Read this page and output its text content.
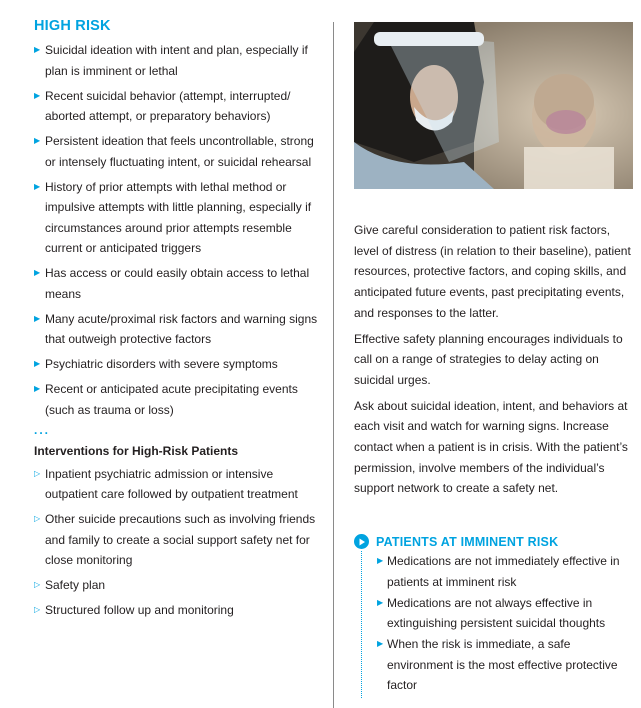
HIGH RISK
▶ Suicidal ideation with intent and plan, especially if plan is imminent or lethal
▶ Recent suicidal behavior (attempt, interrupted/ aborted attempt, or preparatory behaviors)
▶ Persistent ideation that feels uncontrollable, strong or intensely fluctuating intent, or suicidal rehearsal
▶ History of prior attempts with lethal method or impulsive attempts with little planning, especially if circumstances around prior attempts resemble current or anticipated triggers
▶ Has access or could easily obtain access to lethal means
▶ Many acute/proximal risk factors and warning signs that outweigh protective factors
▶ Psychiatric disorders with severe symptoms
▶ Recent or anticipated acute precipitating events (such as trauma or loss)
...
Interventions for High-Risk Patients
▷ Inpatient psychiatric admission or intensive outpatient care followed by outpatient treatment
▷ Other suicide precautions such as involving friends and family to create a social support safety net for close monitoring
▷ Safety plan
▷ Structured follow up and monitoring

Give careful consideration to patient risk factors, level of distress (in relation to their baseline), patient resources, protective factors, and coping skills, and anticipated future events, past precipitating events, and responses to the latter.

Effective safety planning encourages individuals to call on a range of strategies to delay acting on suicidal urges.

Ask about suicidal ideation, intent, and behaviors at each visit and watch for warning signs. Increase contact when a patient is in crisis. With the patient’s permission, involve members of the individual’s support network to create a safety net.

PATIENTS AT IMMINENT RISK
▶ Medications are not immediately effective in patients at imminent risk
▶ Medications are not always effective in extinguishing persistent suicidal thoughts
▶ When the risk is immediate, a safe environment is the most effective protective factor
